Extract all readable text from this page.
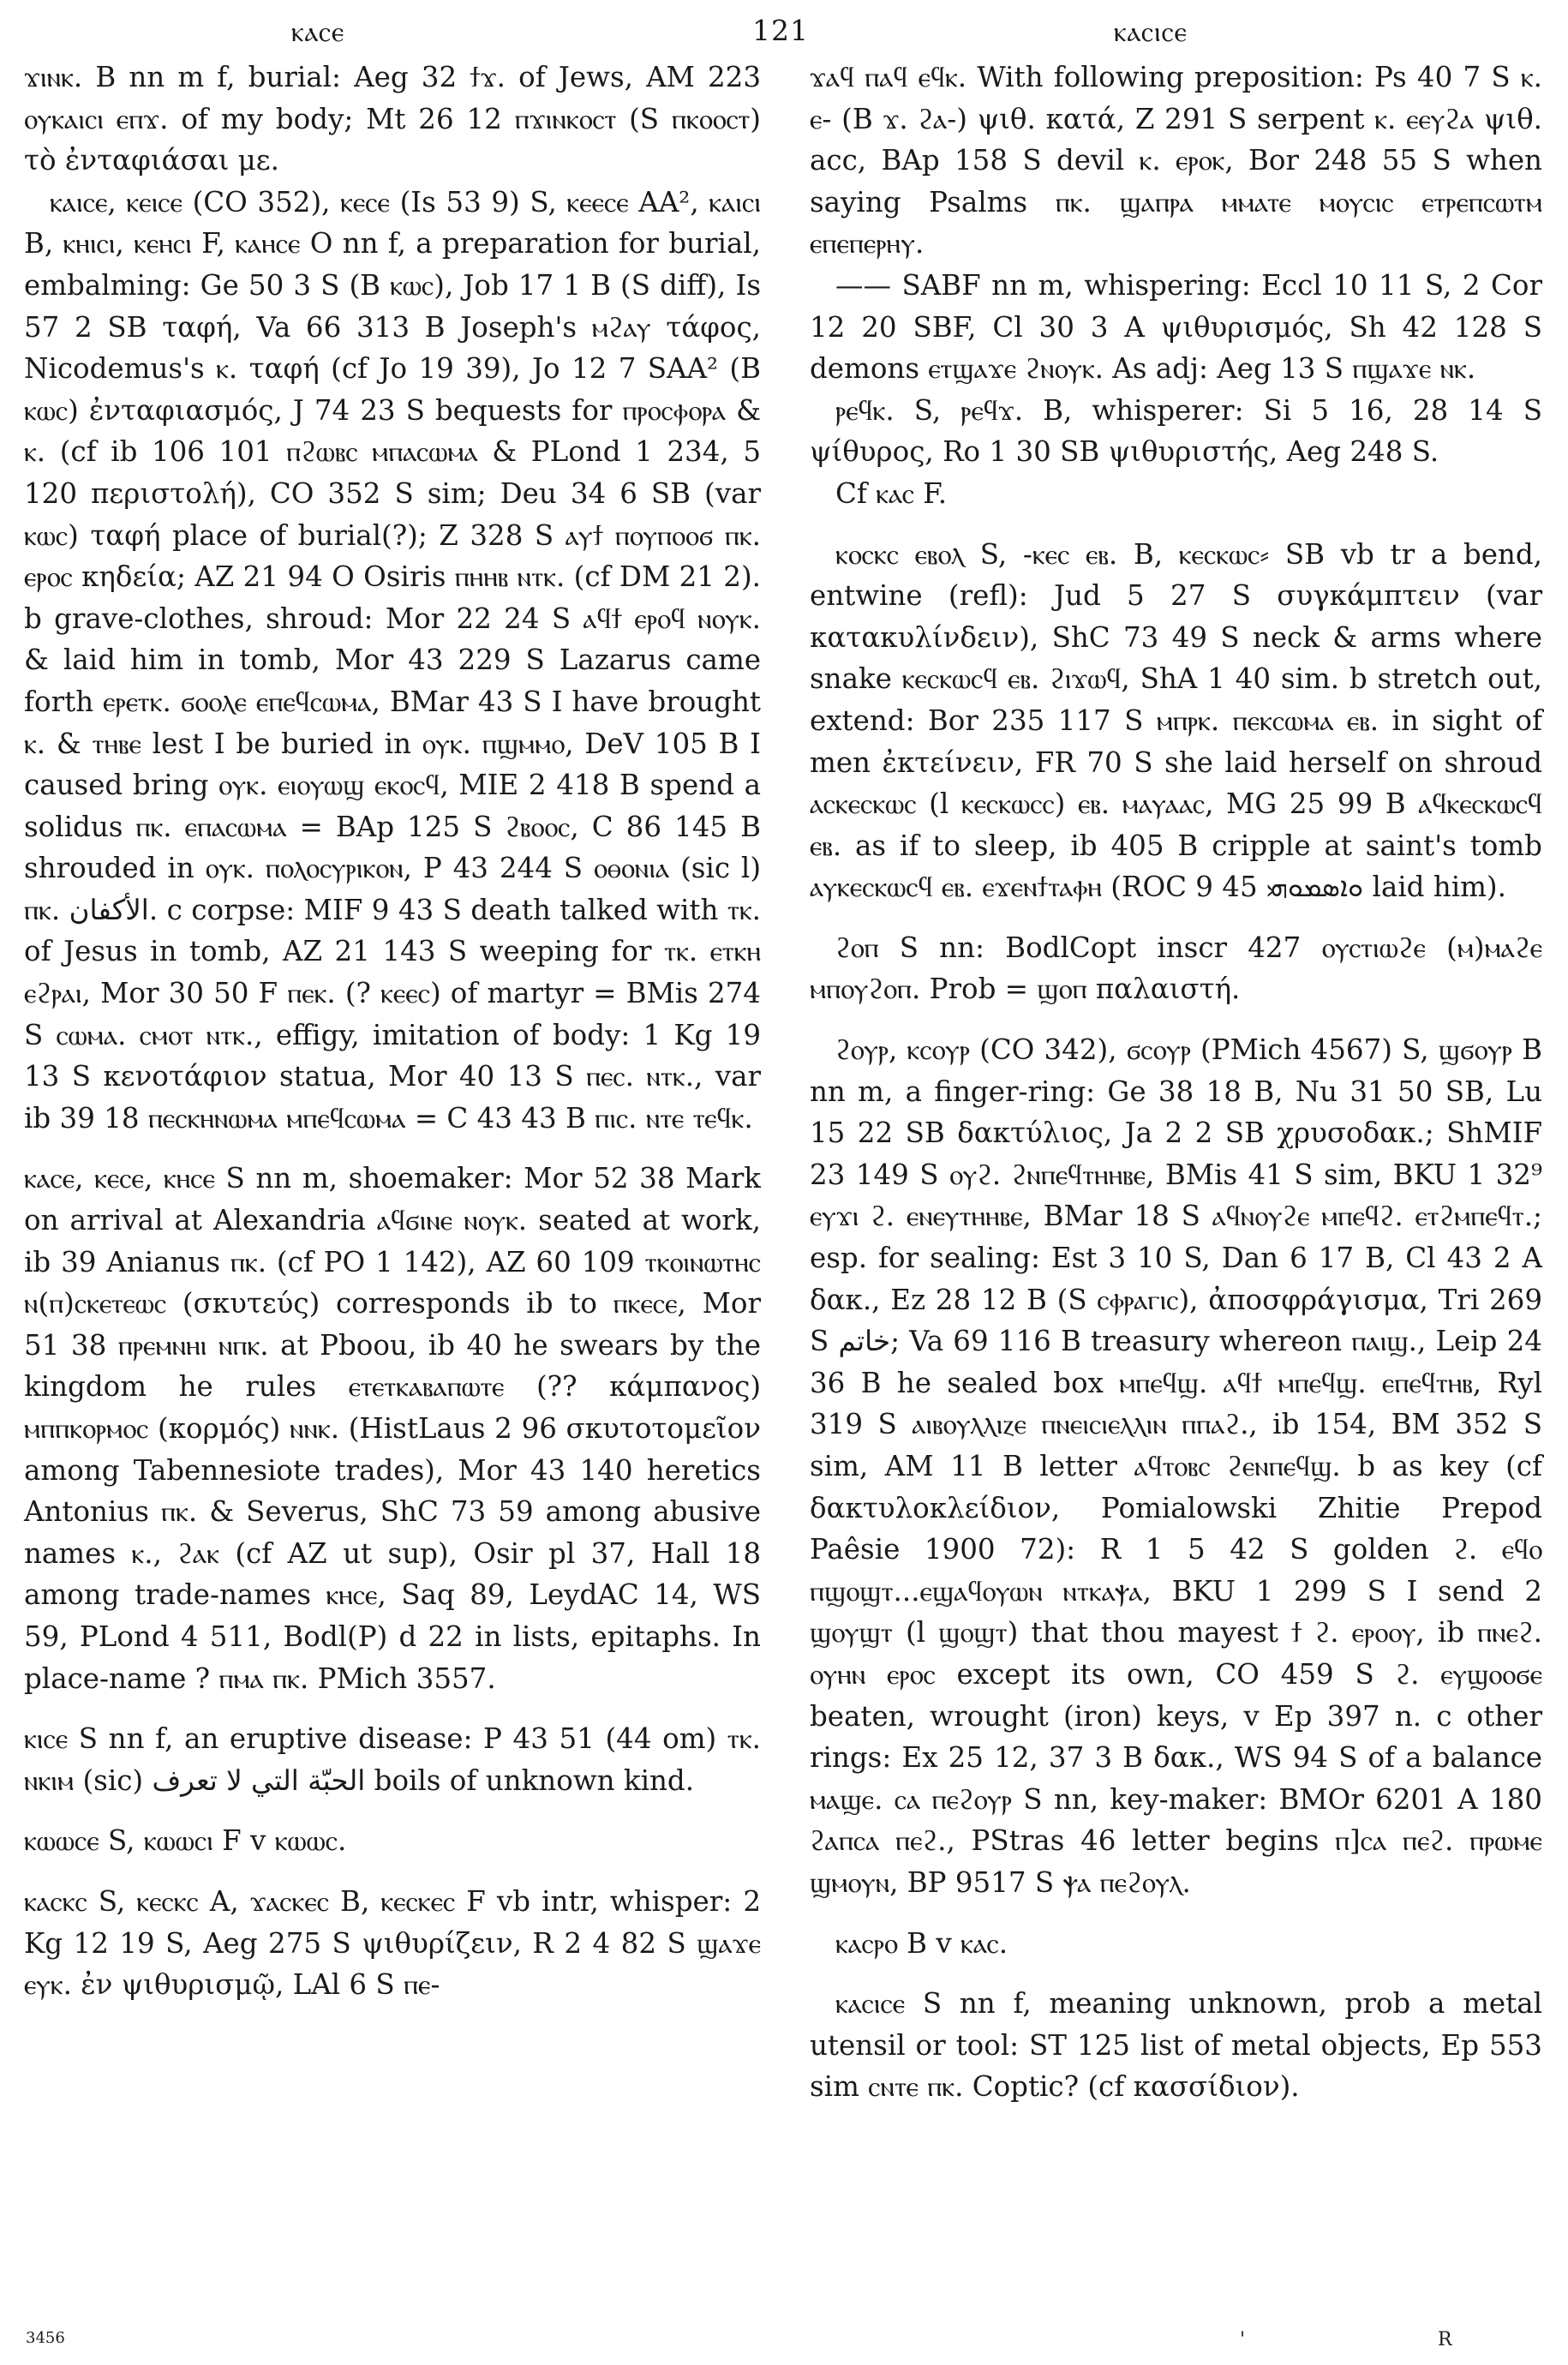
ⲕⲁⲥⲉ	121	ⲕⲁⲥⲓⲥⲉ

ϫⲓⲛⲕ. B nn m f, burial: Aeg 32 ϯϫ. of Jews, AM 223 ⲟⲩⲕⲁⲓⲥⲓ ⲉⲡϫ. of my body; Mt 26 12 ⲡϫⲓⲛⲕⲟⲥⲧ (S ⲡⲕⲟⲟⲥⲧ) τὸ ἐνταφιάσαι με.

ⲕⲁⲓⲥⲉ, ⲕⲉⲓⲥⲉ (CO 352), ⲕⲉⲥⲉ (Is 53 9) S, ⲕⲉⲉⲥⲉ AA², ⲕⲁⲓⲥⲓ B, ⲕⲏⲓⲥⲓ, ⲕⲉⲏⲥⲓ F, ⲕⲁⲏⲥⲉ O nn f, a preparation for burial, embalming: Ge 50 3 S (B ⲕⲱⲥ), Job 17 1 B (S diff), Is 57 2 SB ταφή, Va 66 313 B Joseph's ⲙϩⲁⲩ τάφος, Nicodemus's ⲕ. ταφή (cf Jo 19 39), Jo 12 7 SAA² (B ⲕⲱⲥ) ἐνταφιασμός, J 74 23 S bequests for ⲡⲣⲟⲥⲫⲟⲣⲁ & ⲕ. (cf ib 106 101 ⲡϩⲱⲃⲥ ⲙⲡⲁⲥⲱⲙⲁ & PLond 1 234, 5 120 περιστολή), CO 352 S sim; Deu 34 6 SB (var ⲕⲱⲥ) ταφή place of burial(?); Z 328 S ⲁⲩϯ ⲡⲟⲩⲡⲟⲟϭ ⲡⲕ. ⲉⲣⲟⲥ κηδεία; AZ 21 94 O Osiris ⲡⲏⲏⲃ ⲛⲧⲕ. (cf DM 21 2). b grave-clothes, shroud: Mor 22 24 S ⲁϥϯ ⲉⲣⲟϥ ⲛⲟⲩⲕ. & laid him in tomb, Mor 43 229 S Lazarus came forth ⲉⲣⲉⲧⲕ. ϭⲟⲟⲗⲉ ⲉⲡⲉϥⲥⲱⲙⲁ, BMar 43 S I have brought ⲕ. & ⲧⲏⲃⲉ lest I be buried in ⲟⲩⲕ. ⲡϣⲙⲙⲟ, DeV 105 B I caused bring ⲟⲩⲕ. ⲉⲓⲟⲩⲱϣ ⲉⲕⲟⲥϥ, MIE 2 418 B spend a solidus ⲡⲕ. ⲉⲡⲁⲥⲱⲙⲁ = BAp 125 S ϩⲃⲟⲟⲥ, C 86 145 B shrouded in ⲟⲩⲕ. ⲡⲟⲗⲟⲥⲩⲣⲓⲕⲟⲛ, P 43 244 S ⲟⲑⲟⲛⲓⲁ (sic l) ⲡⲕ. الأكفان. c corpse: MIF 9 43 S death talked with ⲧⲕ. of Jesus in tomb, AZ 21 143 S weeping for ⲧⲕ. ⲉⲧⲕⲏ ⲉϩⲣⲁⲓ, Mor 30 50 F ⲡⲉⲕ. (? ⲕⲉⲉⲥ) of martyr = BMis 274 S ⲥⲱⲙⲁ. ⲥⲙⲟⲧ ⲛⲧⲕ., effigy, imitation of body: 1 Kg 19 13 S κενοτάφιον statua, Mor 40 13 S ⲡⲉⲥ. ⲛⲧⲕ., var ib 39 18 ⲡⲉⲥⲕⲏⲛⲱⲙⲁ ⲙⲡⲉϥⲥⲱⲙⲁ = C 43 43 B ⲡⲓⲥ. ⲛⲧⲉ ⲧⲉϥⲕ.

ⲕⲁⲥⲉ, ⲕⲉⲥⲉ, ⲕⲏⲥⲉ S nn m, shoemaker: Mor 52 38 Mark on arrival at Alexandria ⲁϥϭⲓⲛⲉ ⲛⲟⲩⲕ. seated at work, ib 39 Anianus ⲡⲕ. (cf PO 1 142), AZ 60 109 ⲧⲕⲟⲓⲛⲱⲧⲏⲥ ⲛ(ⲡ)ⲥⲕⲉⲧⲉⲱⲥ (σκυτεύς) corresponds ib to ⲡⲕⲉⲥⲉ, Mor 51 38 ⲡⲣⲉⲙⲛⲏⲓ ⲛⲡⲕ. at Pboou, ib 40 he swears by the kingdom he rules ⲉⲧⲉⲧⲕⲁⲃⲁⲡⲱⲧⲉ (?? κάμπανος) ⲙⲡⲡⲕⲟⲣⲙⲟⲥ (κορμός) ⲛⲛⲕ. (HistLaus 2 96 σκυτοτομεῖον among Tabennesiote trades), Mor 43 140 heretics Antonius ⲡⲕ. & Severus, ShC 73 59 among abusive names ⲕ., ϩⲁⲕ (cf AZ ut sup), Osir pl 37, Hall 18 among trade-names ⲕⲏⲥⲉ, Saq 89, LeydAC 14, WS 59, PLond 4 511, Bodl(P) d 22 in lists, epitaphs. In place-name ? ⲡⲙⲁ ⲡⲕ. PMich 3557.

ⲕⲓⲥⲉ S nn f, an eruptive disease: P 43 51 (44 om) ⲧⲕ. ⲛⲕⲓⲙ (sic) الحبّة التي لا تعرف boils of unknown kind.

ⲕⲱⲱⲥⲉ S, ⲕⲱⲱⲥⲓ F v ⲕⲱⲱⲥ.

ⲕⲁⲥⲕⲥ S, ⲕⲉⲥⲕⲥ A, ϫⲁⲥⲕⲉⲥ B, ⲕⲉⲥⲕⲉⲥ F vb intr, whisper: 2 Kg 12 19 S, Aeg 275 S ψιθυρίζειν, R 2 4 82 S ϣⲁϫⲉ ⲉⲩⲕ. ἐν ψιθυρισμῷ, LAl 6 S ⲡⲉ-

ϫⲁϥ ⲡⲁϥ ⲉϥⲕ. With following preposition: Ps 40 7 S ⲕ. ⲉ- (B ϫ. ϩⲁ-) ψιθ. κατά, Z 291 S serpent ⲕ. ⲉⲉⲩϩⲁ ψιθ. acc, BAp 158 S devil ⲕ. ⲉⲣⲟⲕ, Bor 248 55 S when saying Psalms ⲡⲕ. ϣⲁⲡⲣⲁ ⲙⲙⲁⲧⲉ ⲙⲟⲩⲥⲓⲥ ⲉⲧⲣⲉⲡⲥⲱⲧⲙ ⲉⲡⲉⲡⲉⲣⲏⲩ.

—— SABF nn m, whispering: Eccl 10 11 S, 2 Cor 12 20 SBF, Cl 30 3 A ψιθυρισμός, Sh 42 128 S demons ⲉⲧϣⲁϫⲉ ϩⲛⲟⲩⲕ. As adj: Aeg 13 S ⲡϣⲁϫⲉ ⲛⲕ.

ⲣⲉϥⲕ. S, ⲣⲉϥϫ. B, whisperer: Si 5 16, 28 14 S ψίθυρος, Ro 1 30 SB ψιθυριστής, Aeg 248 S.

Cf ⲕⲁⲥ F.

ⲕⲟⲥⲕⲥ ⲉⲃⲟⲗ S, -ⲕⲉⲥ ⲉⲃ. B, ⲕⲉⲥⲕⲱⲥ⸗ SB vb tr a bend, entwine (refl): Jud 5 27 S συγκάμπτειν (var κατακυλίνδειν), ShC 73 49 S neck & arms where snake ⲕⲉⲥⲕⲱⲥϥ ⲉⲃ. ϩⲓϫⲱϥ, ShA 1 40 sim. b stretch out, extend: Bor 235 117 S ⲙⲡⲣⲕ. ⲡⲉⲕⲥⲱⲙⲁ ⲉⲃ. in sight of men ἐκτείνειν, FR 70 S she laid herself on shroud ⲁⲥⲕⲉⲥⲕⲱⲥ (l ⲕⲉⲥⲕⲱⲥⲥ) ⲉⲃ. ⲙⲁⲩⲁⲁⲥ, MG 25 99 B ⲁϥⲕⲉⲥⲕⲱⲥϥ ⲉⲃ. as if to sleep, ib 405 B cripple at saint's tomb ⲁⲩⲕⲉⲥⲕⲱⲥϥ ⲉⲃ. ⲉϫⲉⲛϯⲧⲁⲫⲏ (ROC 9 45 ܘܐܣܡܘܗܝ laid him).

ϩⲟⲡ S nn: BodlCopt inscr 427 ⲟⲩⲥⲧⲓⲱϩⲉ (ⲙ)ⲙⲁϩⲉ ⲙⲡⲟⲩϩⲟⲡ. Prob = ϣⲟⲡ παλαιστή.

ϩⲟⲩⲣ, ⲕⲥⲟⲩⲣ (CO 342), ϭⲥⲟⲩⲣ (PMich 4567) S, ϣϭⲟⲩⲣ B nn m, a finger-ring: Ge 38 18 B, Nu 31 50 SB, Lu 15 22 SB δακτύλιος, Ja 2 2 SB χρυσοδακ.; ShMIF 23 149 S ⲟⲩϩ. ϩⲛⲡⲉϥⲧⲏⲏⲃⲉ, BMis 41 S sim, BKU 1 32⁹ ⲉⲩϫⲓ ϩ. ⲉⲛⲉⲩⲧⲏⲏⲃⲉ, BMar 18 S ⲁϥⲛⲟⲩϩⲉ ⲙⲡⲉϥϩ. ⲉⲧϩⲙⲡⲉϥⲧ.; esp. for sealing: Est 3 10 S, Dan 6 17 B, Cl 43 2 A δακ., Ez 28 12 B (S ⲥⲫⲣⲁⲅⲓⲥ), ἀποσφράγισμα, Tri 269 S خاتم; Va 69 116 B treasury whereon ⲡⲁⲓϣ., Leip 24 36 B he sealed box ⲙⲡⲉϥϣ. ⲁϥϯ ⲙⲡⲉϥϣ. ⲉⲡⲉϥⲧⲏⲃ, Ryl 319 S ⲁⲓⲃⲟⲩⲗⲗⲓⲍⲉ ⲡⲛⲉⲓⲥⲓⲉⲗⲗⲓⲛ ⲡⲡⲁϩ., ib 154, BM 352 S sim, AM 11 B letter ⲁϥⲧⲟⲃⲥ ϩⲉⲛⲡⲉϥϣ. b as key (cf δακτυλοκλείδιον, Pomialowski Zhitie Prepod Paêsie 1900 72): R 1 5 42 S golden ϩ. ⲉϥⲟ ⲡϣⲟϣⲧ...ⲉϣⲁϥⲟⲩⲱⲛ ⲛⲧⲕⲁⲯⲁ, BKU 1 299 S I send 2 ϣⲟⲩϣⲧ (l ϣⲟϣⲧ) that thou mayest ϯ ϩ. ⲉⲣⲟⲟⲩ, ib ⲡⲛⲉϩ. ⲟⲩⲏⲛ ⲉⲣⲟⲥ except its own, CO 459 S ϩ. ⲉⲩϣⲟⲟϭⲉ beaten, wrought (iron) keys, v Ep 397 n. c other rings: Ex 25 12, 37 3 B δακ., WS 94 S of a balance ⲙⲁϣⲉ. ⲥⲁ ⲡⲉϩⲟⲩⲣ S nn, key-maker: BMOr 6201 A 180 ϩⲁⲡⲥⲁ ⲡⲉϩ., PStras 46 letter begins ⲡ]ⲥⲁ ⲡⲉϩ. ⲡⲣⲱⲙⲉ ϣⲙⲟⲩⲛ, BP 9517 S ⲯⲁ ⲡⲉϩⲟⲩⲗ.

ⲕⲁⲥⲣⲟ B v ⲕⲁⲥ.

ⲕⲁⲥⲓⲥⲉ S nn f, meaning unknown, prob a metal utensil or tool: ST 125 list of metal objects, Ep 553 sim ⲥⲛⲧⲉ ⲡⲕ. Coptic? (cf κασσίδιον).

3456	'	R
